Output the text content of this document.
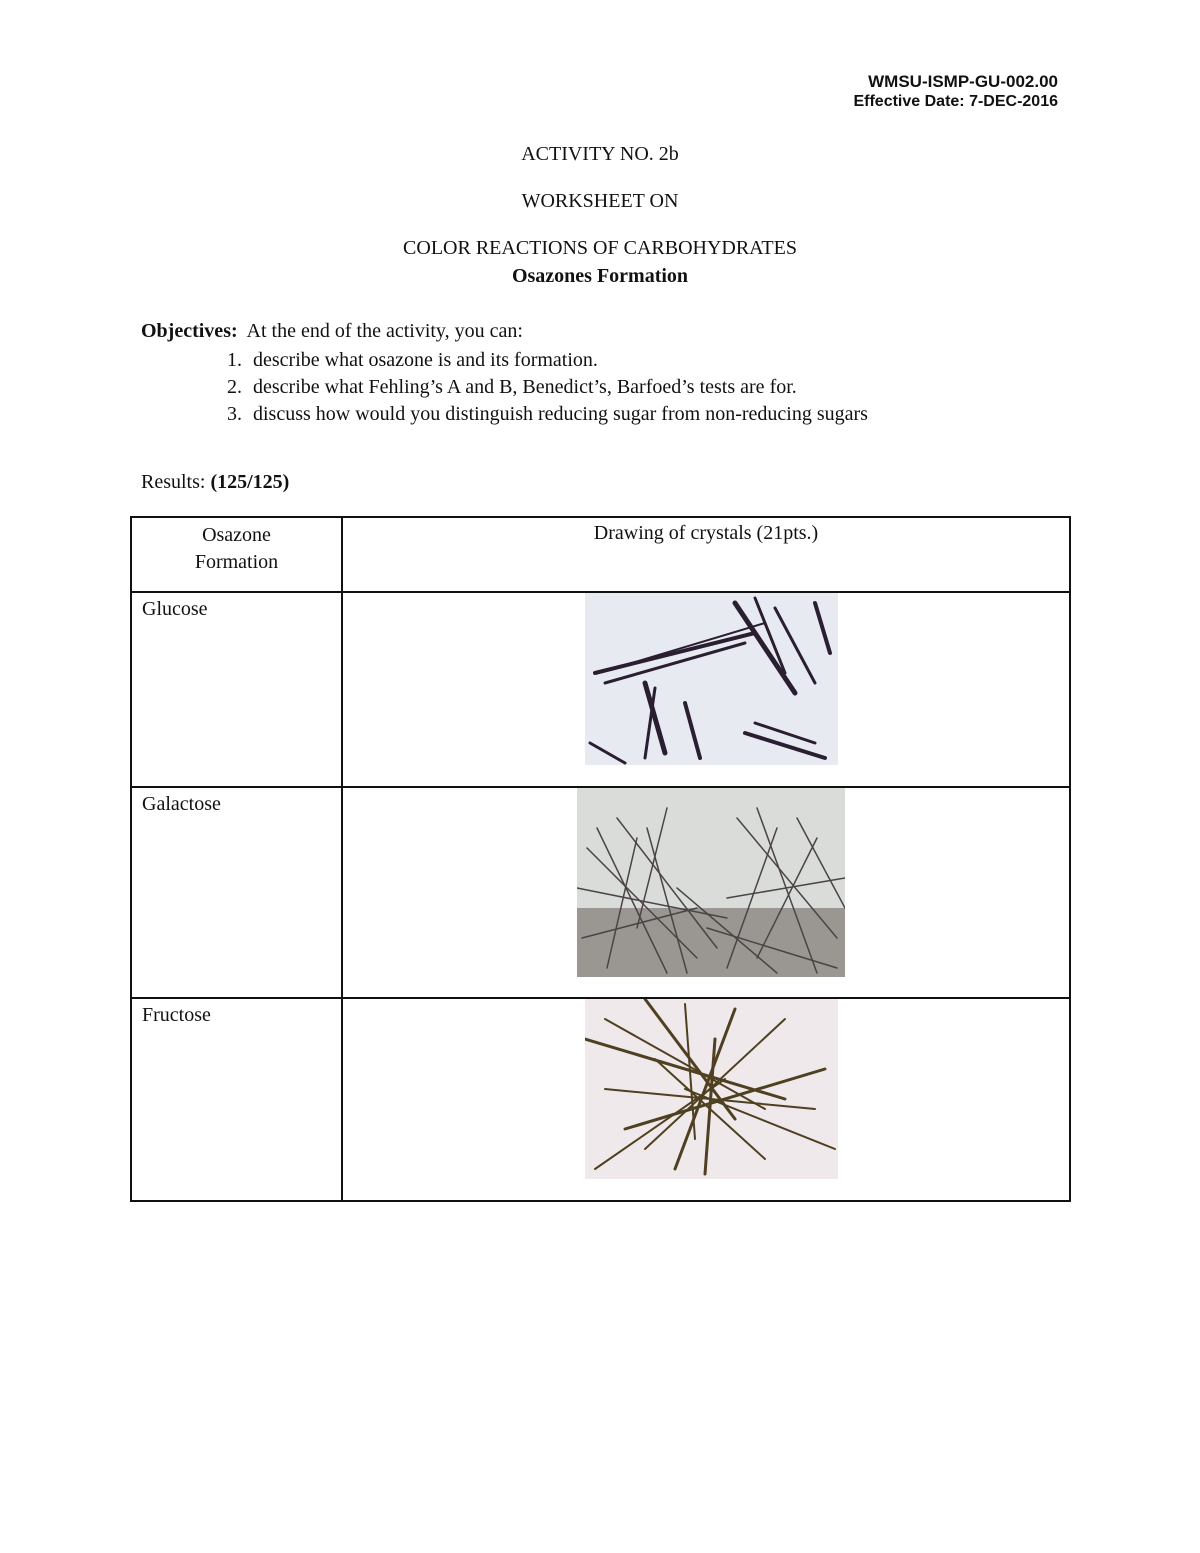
WMSU-ISMP-GU-002.00
Effective Date: 7-DEC-2016
ACTIVITY NO. 2b
WORKSHEET ON
COLOR REACTIONS OF CARBOHYDRATES
Osazones Formation
Objectives: At the end of the activity, you can:
1. describe what osazone is and its formation.
2. describe what Fehling’s A and B, Benedict’s, Barfoed’s tests are for.
3. discuss how would you distinguish reducing sugar from non-reducing sugars
Results: (125/125)
Osazone
Formation	Drawing of crystals (21pts.)
Glucose	

Galactose	

Fructose	
